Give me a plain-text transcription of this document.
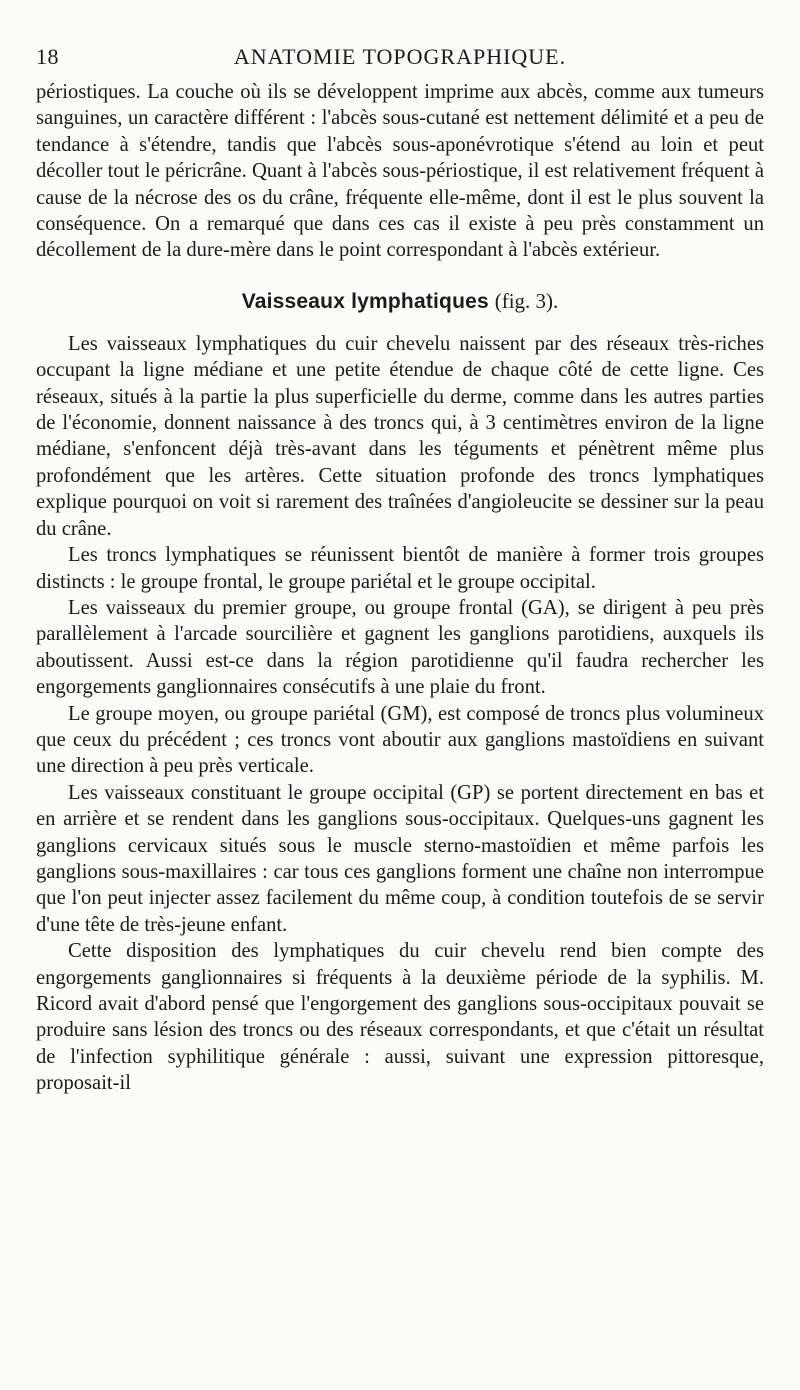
18	ANATOMIE TOPOGRAPHIQUE.

périostiques. La couche où ils se développent imprime aux abcès, comme aux tumeurs sanguines, un caractère différent : l'abcès sous-cutané est nettement délimité et a peu de tendance à s'étendre, tandis que l'abcès sous-aponévrotique s'étend au loin et peut décoller tout le péricrâne. Quant à l'abcès sous-périostique, il est relativement fréquent à cause de la nécrose des os du crâne, fréquente elle-même, dont il est le plus souvent la conséquence. On a remarqué que dans ces cas il existe à peu près constamment un décollement de la dure-mère dans le point correspondant à l'abcès extérieur.

Vaisseaux lymphatiques (fig. 3).

Les vaisseaux lymphatiques du cuir chevelu naissent par des réseaux très-riches occupant la ligne médiane et une petite étendue de chaque côté de cette ligne. Ces réseaux, situés à la partie la plus superficielle du derme, comme dans les autres parties de l'économie, donnent naissance à des troncs qui, à 3 centimètres environ de la ligne médiane, s'enfoncent déjà très-avant dans les téguments et pénètrent même plus profondément que les artères. Cette situation profonde des troncs lymphatiques explique pourquoi on voit si rarement des traînées d'angioleucite se dessiner sur la peau du crâne.

Les troncs lymphatiques se réunissent bientôt de manière à former trois groupes distincts : le groupe frontal, le groupe pariétal et le groupe occipital.

Les vaisseaux du premier groupe, ou groupe frontal (GA), se dirigent à peu près parallèlement à l'arcade sourcilière et gagnent les ganglions parotidiens, auxquels ils aboutissent. Aussi est-ce dans la région parotidienne qu'il faudra rechercher les engorgements ganglionnaires consécutifs à une plaie du front.

Le groupe moyen, ou groupe pariétal (GM), est composé de troncs plus volumineux que ceux du précédent ; ces troncs vont aboutir aux ganglions mastoïdiens en suivant une direction à peu près verticale.

Les vaisseaux constituant le groupe occipital (GP) se portent directement en bas et en arrière et se rendent dans les ganglions sous-occipitaux. Quelques-uns gagnent les ganglions cervicaux situés sous le muscle sterno-mastoïdien et même parfois les ganglions sous-maxillaires : car tous ces ganglions forment une chaîne non interrompue que l'on peut injecter assez facilement du même coup, à condition toutefois de se servir d'une tête de très-jeune enfant.

Cette disposition des lymphatiques du cuir chevelu rend bien compte des engorgements ganglionnaires si fréquents à la deuxième période de la syphilis. M. Ricord avait d'abord pensé que l'engorgement des ganglions sous-occipitaux pouvait se produire sans lésion des troncs ou des réseaux correspondants, et que c'était un résultat de l'infection syphilitique générale : aussi, suivant une expression pittoresque, proposait-il
